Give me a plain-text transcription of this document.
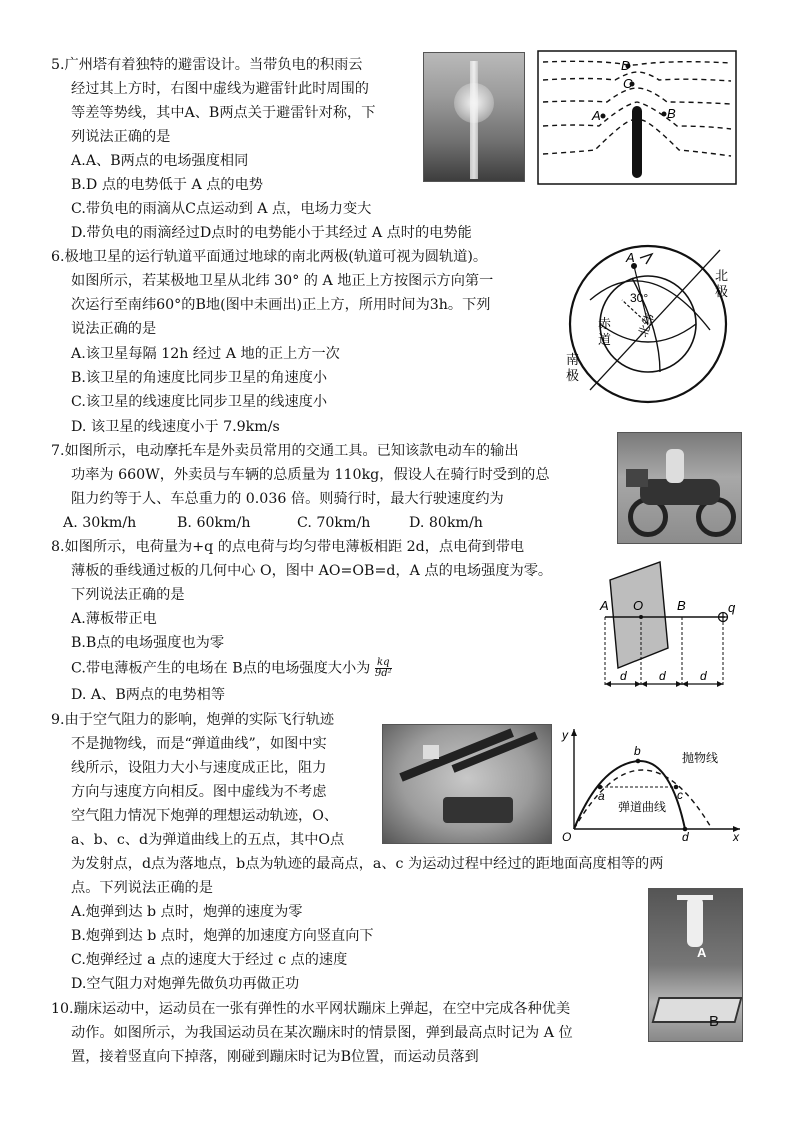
5.广州塔有着独特的避雷设计。当带负电的积雨云
经过其上方时，右图中虚线为避雷针此时周围的
等差等势线，其中A、B两点关于避雷针对称，下
列说法正确的是
A.A、B两点的电场强度相同
B.D 点的电势低于 A 点的电势
C.带负电的雨滴从C点运动到 A 点，电场力变大
D.带负电的雨滴经过D点时的电势能小于其经过 A 点时的电势能
D
C
A	B
6.极地卫星的运行轨道平面通过地球的南北两极(轨道可视为圆轨道)。
如图所示，若某极地卫星从北纬 30° 的 A 地正上方按图示方向第一
次运行至南纬60°的B地(图中未画出)正上方，所用时间为3h。下列
说法正确的是
A.该卫星每隔 12h 经过 A 地的正上方一次
B.该卫星的角速度比同步卫星的角速度小
C.该卫星的线速度比同步卫星的线速度小
D. 该卫星的线速度小于 7.9km/s
A
30°
北纬
赤
道
北
极
南
极
7.如图所示，电动摩托车是外卖员常用的交通工具。已知该款电动车的输出
功率为 660W，外卖员与车辆的总质量为 110kg，假设人在骑行时受到的总
阻力约等于人、车总重力的 0.036 倍。则骑行时，最大行驶速度约为
A. 30km/h	B. 60km/h	C. 70km/h	D. 80km/h
8.如图所示，电荷量为+q 的点电荷与均匀带电薄板相距 2d，点电荷到带电
薄板的垂线通过板的几何中心 O，图中 AO=OB=d，A 点的电场强度为零。
下列说法正确的是
A.薄板带正电
B.B点的电场强度也为零
C.带电薄板产生的电场在 B点的电场强度大小为 $\frac{kq}{\text{9d²}}$
D. A、B两点的电势相等
A O	B	q
d	d	d
9.由于空气阻力的影响，炮弹的实际飞行轨迹
不是抛物线，而是“弹道曲线”，如图中实
线所示，设阻力大小与速度成正比，阻力
方向与速度方向相反。图中虚线为不考虑
空气阻力情况下炮弹的理想运动轨迹，O、
a、b、c、d为弹道曲线上的五点，其中O点
为发射点，d点为落地点，b点为轨迹的最高点，a、c 为运动过程中经过的距地面高度相等的两
点。下列说法正确的是
A.炮弹到达 b 点时，炮弹的速度为零
B.炮弹到达 b 点时，炮弹的加速度方向竖直向下
C.炮弹经过 a 点的速度大于经过 c 点的速度
D.空气阻力对炮弹先做负功再做正功
y
x
O
a
b
c
d
抛物线
弹道曲线
10.蹦床运动中，运动员在一张有弹性的水平网状蹦床上弹起，在空中完成各种优美
动作。如图所示，为我国运动员在某次蹦床时的情景图，弹到最高点时记为 A 位
置，接着竖直向下掉落，刚碰到蹦床时记为B位置，而运动员落到
A
B
